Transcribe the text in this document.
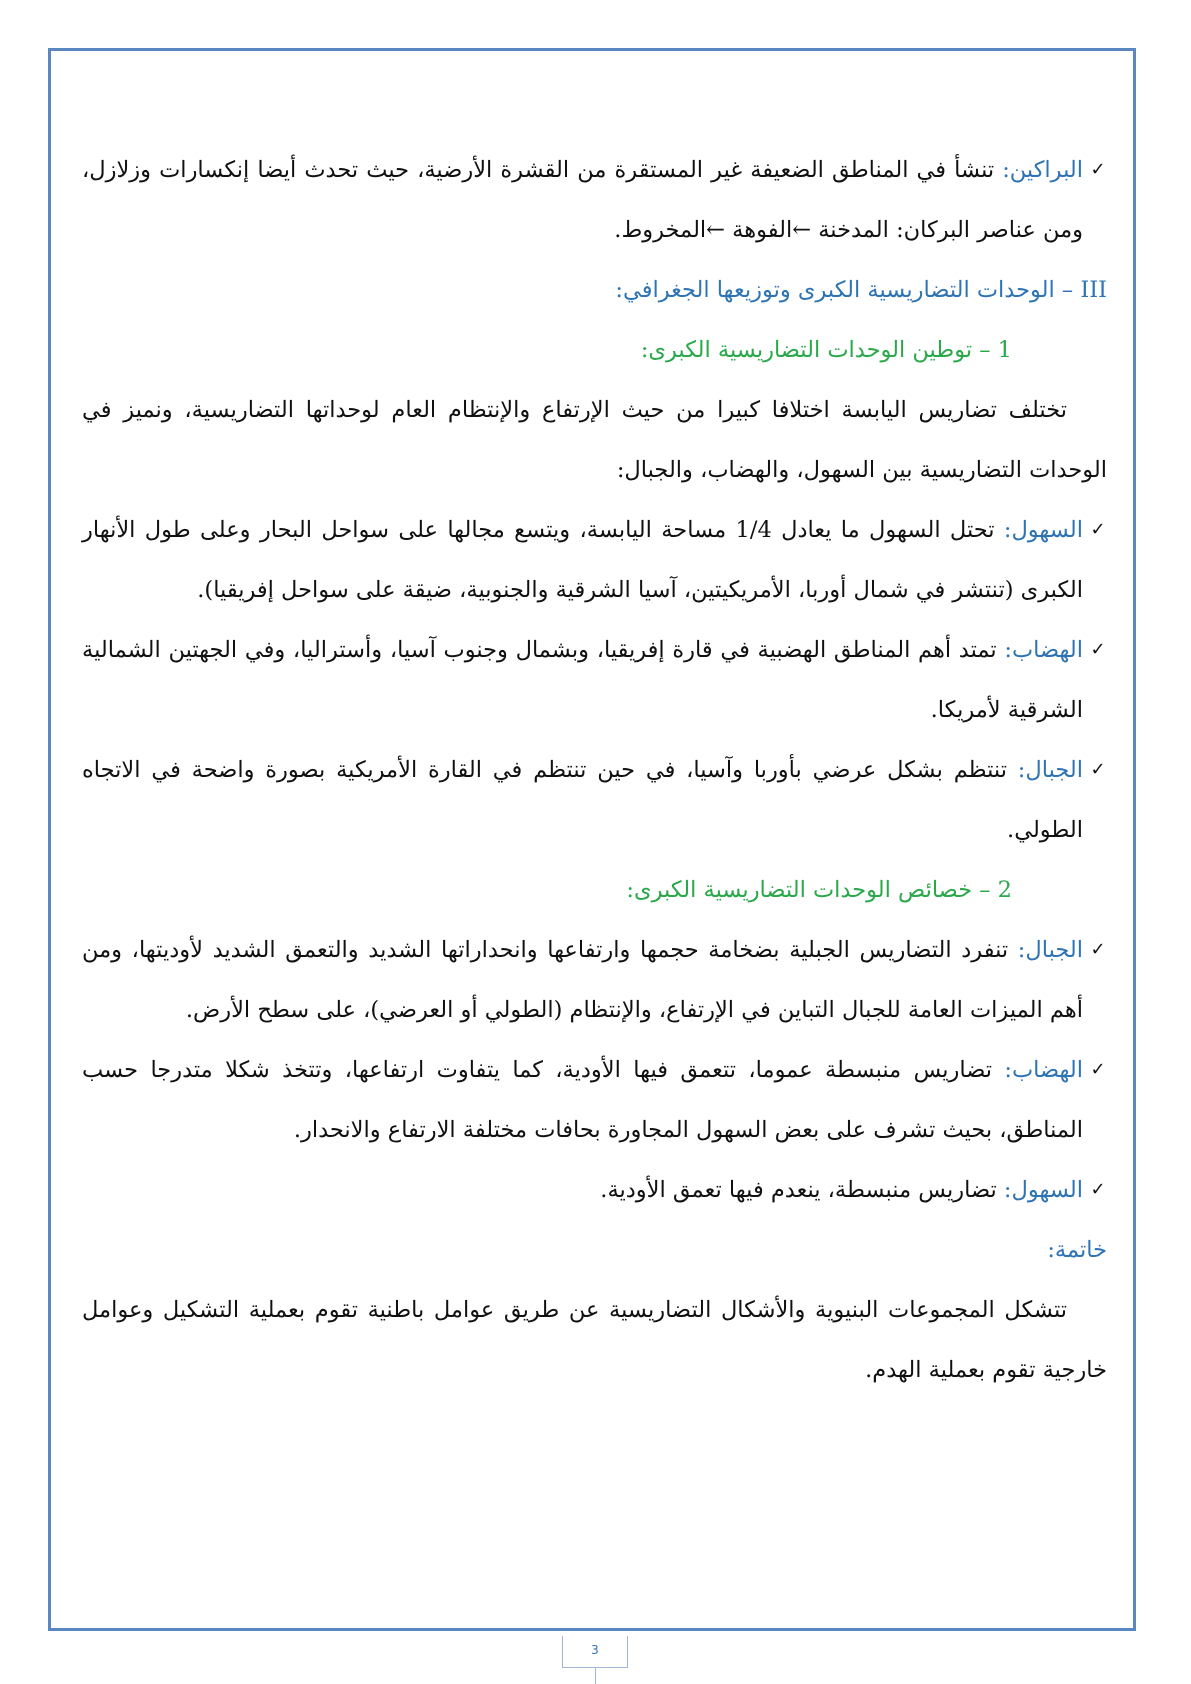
✓
البراكين: تنشأ في المناطق الضعيفة غير المستقرة من القشرة الأرضية، حيث تحدث أيضا إنكسارات وزلازل، ومن عناصر البركان: المدخنة ←الفوهة ←المخروط.

III – الوحدات التضاريسية الكبرى وتوزيعها الجغرافي:

1 – توطين الوحدات التضاريسية الكبرى:

تختلف تضاريس اليابسة اختلافا كبيرا من حيث الإرتفاع والإنتظام العام لوحداتها التضاريسية، ونميز في الوحدات التضاريسية بين السهول، والهضاب، والجبال:

✓
السهول: تحتل السهول ما يعادل 1/4 مساحة اليابسة، ويتسع مجالها على سواحل البحار وعلى طول الأنهار الكبرى (تنتشر في شمال أوربا، الأمريكيتين، آسيا الشرقية والجنوبية، ضيقة على سواحل إفريقيا).

✓
الهضاب: تمتد أهم المناطق الهضبية في قارة إفريقيا، وبشمال وجنوب آسيا، وأستراليا، وفي الجهتين الشمالية الشرقية لأمريكا.

✓
الجبال: تنتظم بشكل عرضي بأوربا وآسيا، في حين تنتظم في القارة الأمريكية بصورة واضحة في الاتجاه الطولي.

2 – خصائص الوحدات التضاريسية الكبرى:

✓
الجبال: تنفرد التضاريس الجبلية بضخامة حجمها وارتفاعها وانحداراتها الشديد والتعمق الشديد لأوديتها، ومن أهم الميزات العامة للجبال التباين في الإرتفاع، والإنتظام (الطولي أو العرضي)، على سطح الأرض.

✓
الهضاب: تضاريس منبسطة عموما، تتعمق فيها الأودية، كما يتفاوت ارتفاعها، وتتخذ شكلا متدرجا حسب المناطق، بحيث تشرف على بعض السهول المجاورة بحافات مختلفة الارتفاع والانحدار.

✓
السهول: تضاريس منبسطة، ينعدم فيها تعمق الأودية.

خاتمة:

تتشكل المجموعات البنيوية والأشكال التضاريسية عن طريق عوامل باطنية تقوم بعملية التشكيل وعوامل خارجية تقوم بعملية الهدم.

3
